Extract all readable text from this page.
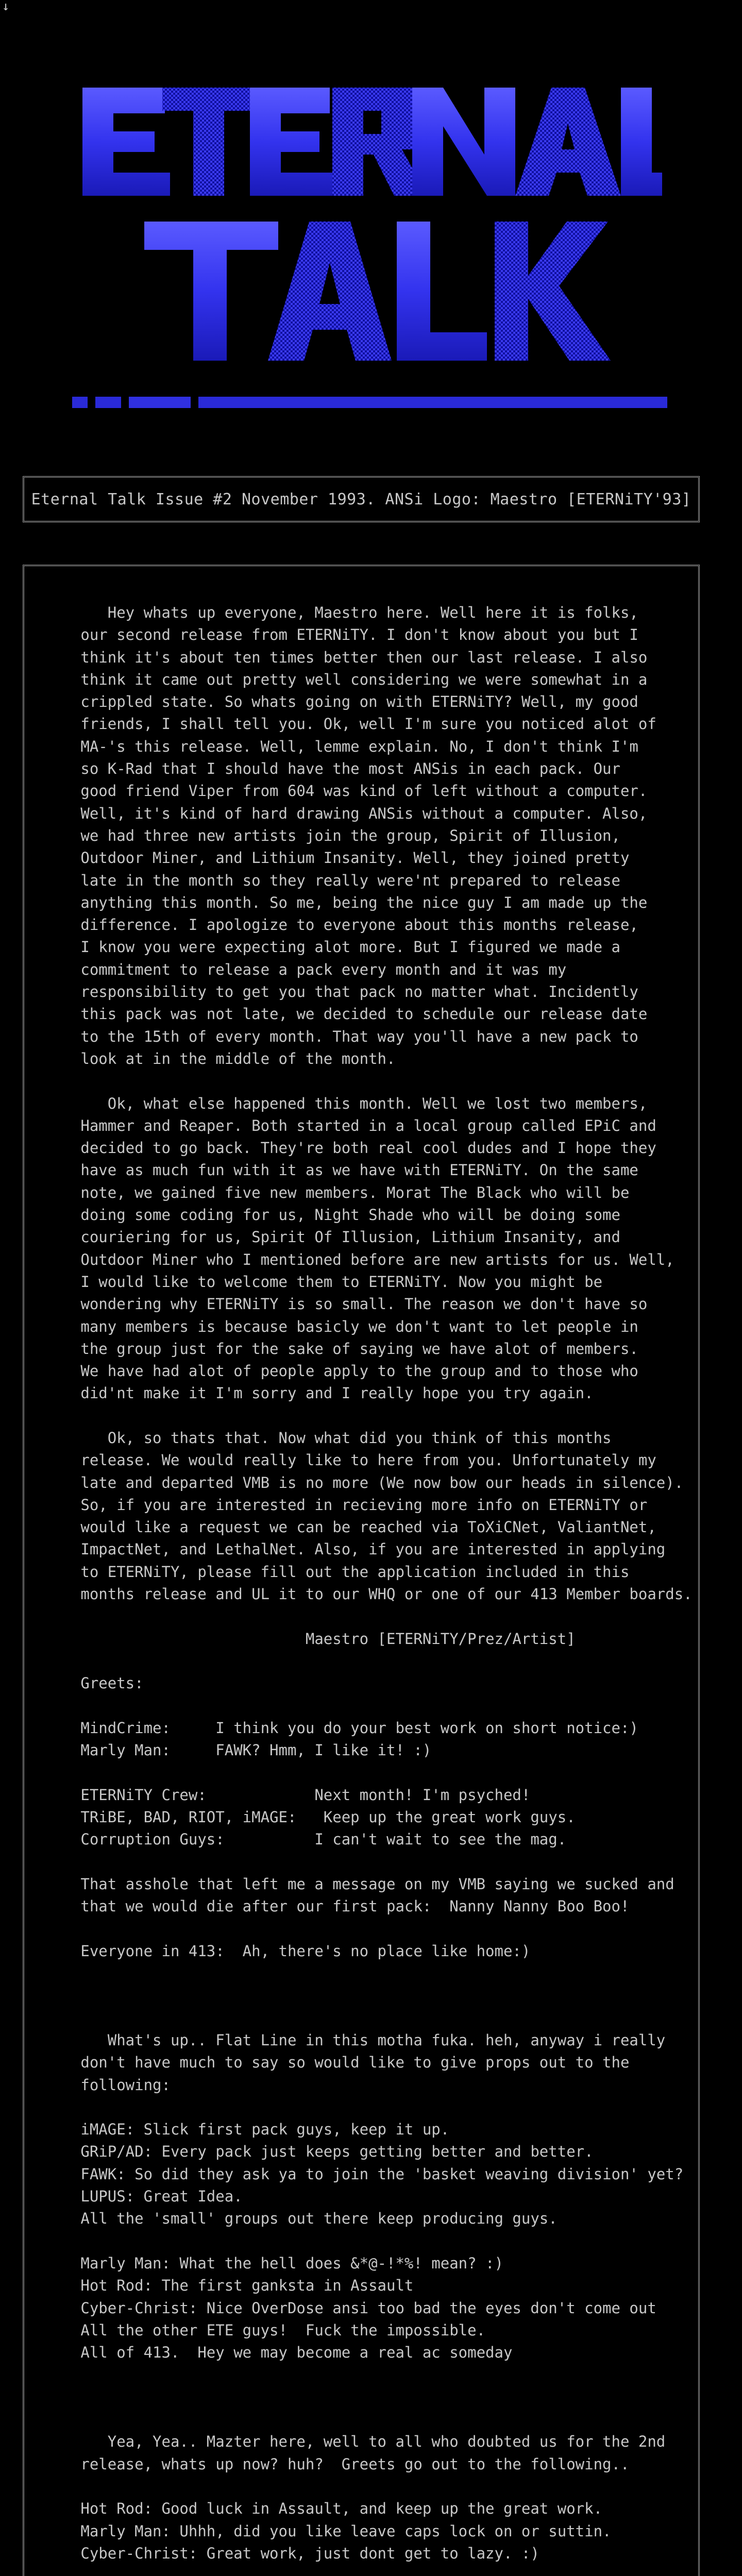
↓
Eternal Talk Issue #2 November 1993. ANSi Logo: Maestro [ETERNiTY'93]
Hey whats up everyone, Maestro here. Well here it is folks,
our second release from ETERNiTY. I don't know about you but I
think it's about ten times better then our last release. I also
think it came out pretty well considering we were somewhat in a
crippled state. So whats going on with ETERNiTY? Well, my good
friends, I shall tell you. Ok, well I'm sure you noticed alot of
MA-'s this release. Well, lemme explain. No, I don't think I'm
so K-Rad that I should have the most ANSis in each pack. Our
good friend Viper from 604 was kind of left without a computer.
Well, it's kind of hard drawing ANSis without a computer. Also,
we had three new artists join the group, Spirit of Illusion,
Outdoor Miner, and Lithium Insanity. Well, they joined pretty
late in the month so they really were'nt prepared to release
anything this month. So me, being the nice guy I am made up the
difference. I apologize to everyone about this months release,
I know you were expecting alot more. But I figured we made a
commitment to release a pack every month and it was my
responsibility to get you that pack no matter what. Incidently
this pack was not late, we decided to schedule our release date
to the 15th of every month. That way you'll have a new pack to
look at in the middle of the month.

Ok, what else happened this month. Well we lost two members,
Hammer and Reaper. Both started in a local group called EPiC and
decided to go back. They're both real cool dudes and I hope they
have as much fun with it as we have with ETERNiTY. On the same
note, we gained five new members. Morat The Black who will be
doing some coding for us, Night Shade who will be doing some
couriering for us, Spirit Of Illusion, Lithium Insanity, and
Outdoor Miner who I mentioned before are new artists for us. Well,
I would like to welcome them to ETERNiTY. Now you might be
wondering why ETERNiTY is so small. The reason we don't have so
many members is because basicly we don't want to let people in
the group just for the sake of saying we have alot of members.
We have had alot of people apply to the group and to those who
did'nt make it I'm sorry and I really hope you try again.

Ok, so thats that. Now what did you think of this months
release. We would really like to here from you. Unfortunately my
late and departed VMB is no more (We now bow our heads in silence).
So, if you are interested in recieving more info on ETERNiTY or
would like a request we can be reached via ToXiCNet, ValiantNet,
ImpactNet, and LethalNet. Also, if you are interested in applying
to ETERNiTY, please fill out the application included in this
months release and UL it to our WHQ or one of our 413 Member boards.

Maestro [ETERNiTY/Prez/Artist]

Greets:

MindCrime:     I think you do your best work on short notice:)
Marly Man:     FAWK? Hmm, I like it! :)

ETERNiTY Crew:            Next month! I'm psyched!
TRiBE, BAD, RIOT, iMAGE:   Keep up the great work guys.
Corruption Guys:          I can't wait to see the mag.

That asshole that left me a message on my VMB saying we sucked and
that we would die after our first pack:  Nanny Nanny Boo Boo!

Everyone in 413:  Ah, there's no place like home:)

What's up.. Flat Line in this motha fuka. heh, anyway i really
don't have much to say so would like to give props out to the
following:

iMAGE: Slick first pack guys, keep it up.
GRiP/AD: Every pack just keeps getting better and better.
FAWK: So did they ask ya to join the 'basket weaving division' yet?
LUPUS: Great Idea.
All the 'small' groups out there keep producing guys.

Marly Man: What the hell does &*@-!*%! mean? :)
Hot Rod: The first ganksta in Assault
Cyber-Christ: Nice OverDose ansi too bad the eyes don't come out
All the other ETE guys!  Fuck the impossible.
All of 413.  Hey we may become a real ac someday

Yea, Yea.. Mazter here, well to all who doubted us for the 2nd
release, whats up now? huh?  Greets go out to the following..

Hot Rod: Good luck in Assault, and keep up the great work.
Marly Man: Uhhh, did you like leave caps lock on or suttin.
Cyber-Christ: Great work, just dont get to lazy. :)
